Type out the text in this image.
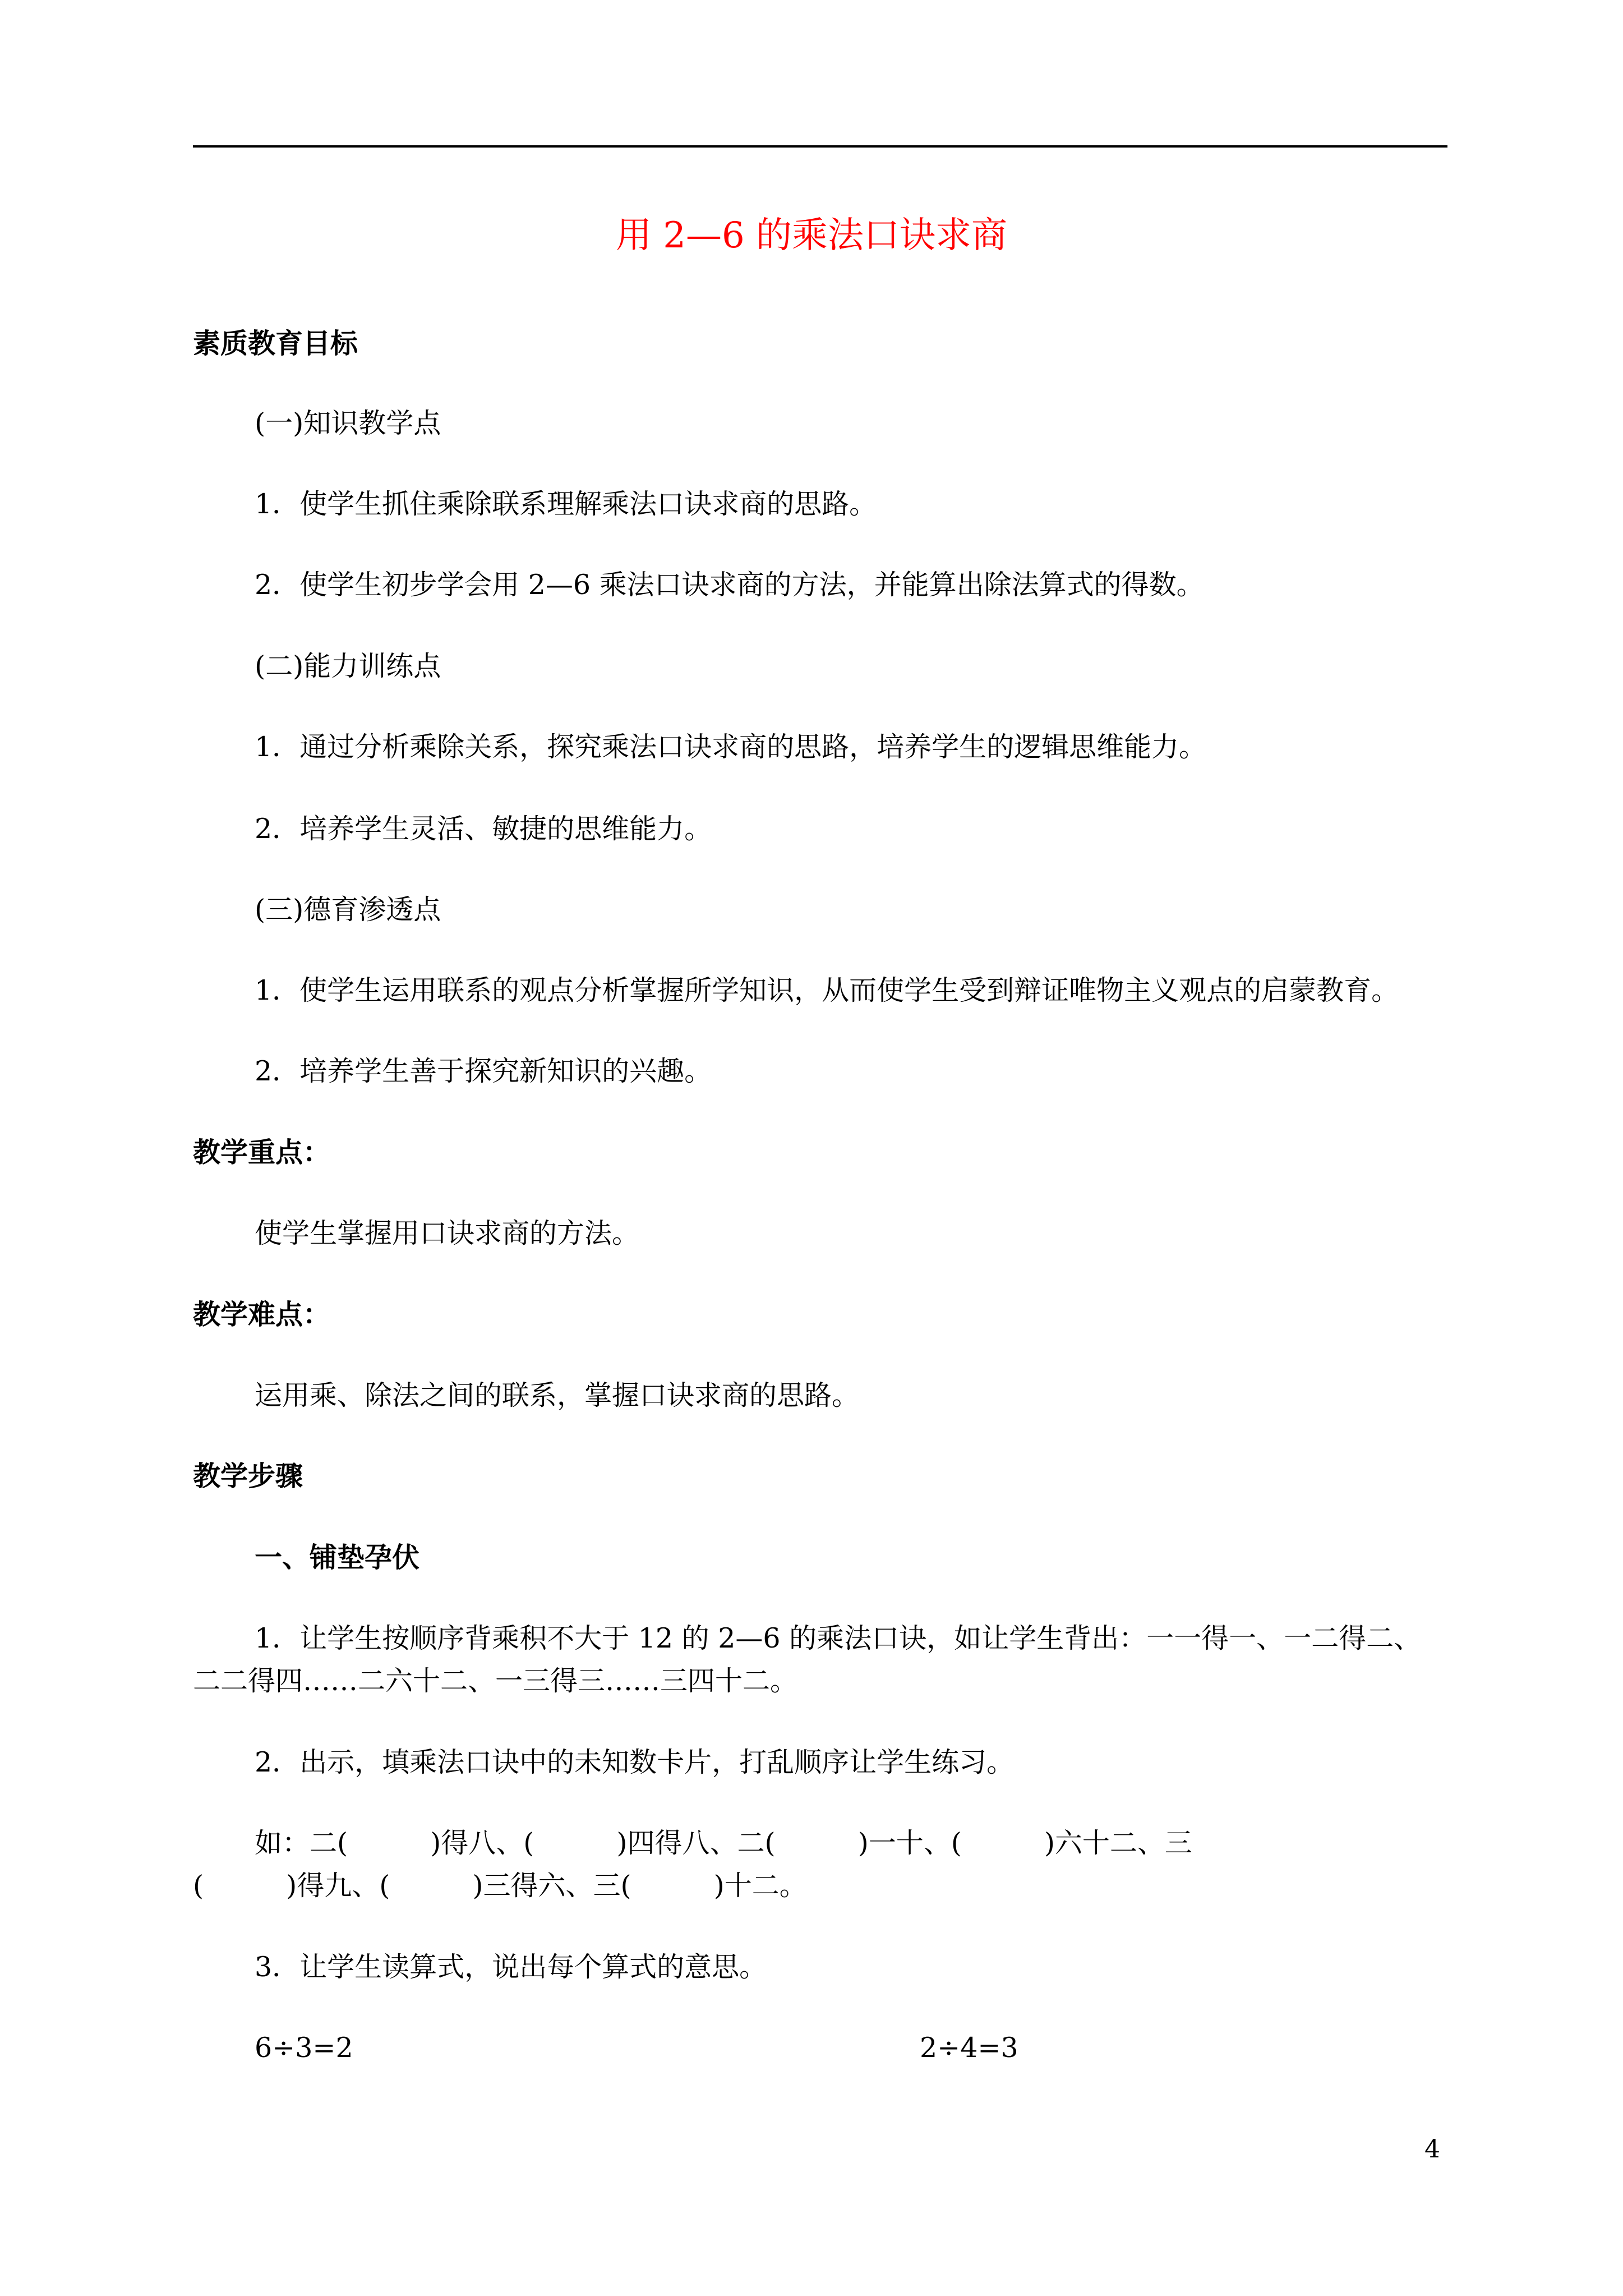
用 2—6 的乘法口诀求商
素质教育目标
(一)知识教学点
1．使学生抓住乘除联系理解乘法口诀求商的思路。
2．使学生初步学会用 2—6 乘法口诀求商的方法，并能算出除法算式的得数。
(二)能力训练点
1．通过分析乘除关系，探究乘法口诀求商的思路，培养学生的逻辑思维能力。
2．培养学生灵活、敏捷的思维能力。
(三)德育渗透点
1．使学生运用联系的观点分析掌握所学知识，从而使学生受到辩证唯物主义观点的启蒙教育。
2．培养学生善于探究新知识的兴趣。
教学重点：
使学生掌握用口诀求商的方法。
教学难点：
运用乘、除法之间的联系，掌握口诀求商的思路。
教学步骤
一、铺垫孕伏
1．让学生按顺序背乘积不大于 12 的 2—6 的乘法口诀，如让学生背出：一一得一、一二得二、
二二得四……二六十二、一三得三……三四十二。
2．出示，填乘法口诀中的未知数卡片，打乱顺序让学生练习。
如：二(　　　)得八、(　　　)四得八、二(　　　)一十、(　　　)六十二、三
(　　　)得九、(　　　)三得六、三(　　　)十二。
3．让学生读算式，说出每个算式的意思。
6÷3=2	2÷4=3
4
